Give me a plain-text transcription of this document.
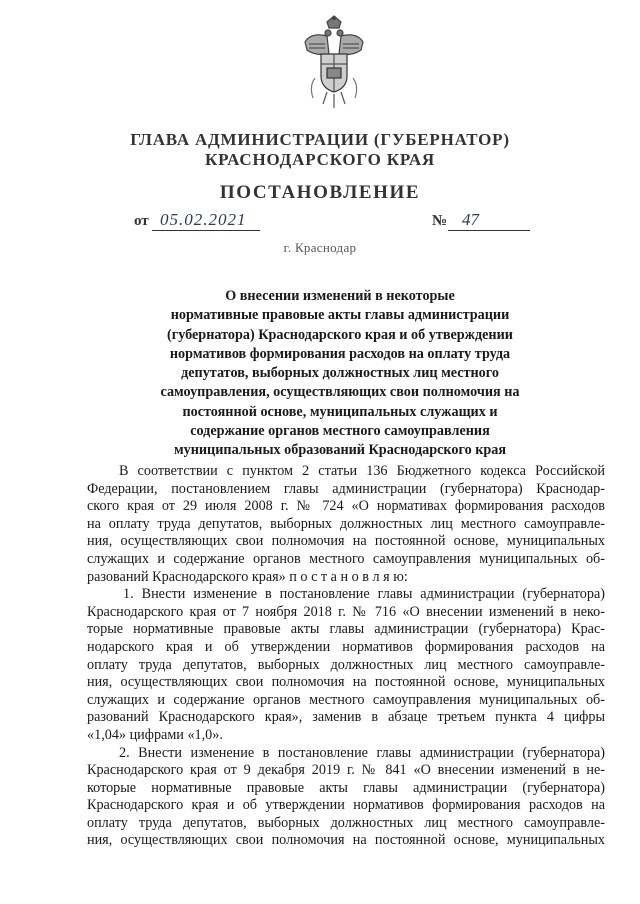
ГЛАВА АДМИНИСТРАЦИИ (ГУБЕРНАТОР)
КРАСНОДАРСКОГО КРАЯ
ПОСТАНОВЛЕНИЕ
от 05.02.2021	№ 47
г. Краснодар
О внесении изменений в некоторые
нормативные правовые акты главы администрации
(губернатора) Краснодарского края и об утверждении
нормативов формирования расходов на оплату труда
депутатов, выборных должностных лиц местного
самоуправления, осуществляющих свои полномочия на
постоянной основе, муниципальных служащих и
содержание органов местного самоуправления
муниципальных образований Краснодарского края
В соответствии с пунктом 2 статьи 136 Бюджетного кодекса Российской
Федерации, постановлением главы администрации (губернатора) Краснодар-
ского края от 29 июля 2008 г. № 724 «О нормативах формирования расходов
на оплату труда депутатов, выборных должностных лиц местного самоуправле-
ния, осуществляющих свои полномочия на постоянной основе, муниципальных
служащих и содержание органов местного самоуправления муниципальных об-
разований Краснодарского края» п о с т а н о в л я ю:
1. Внести изменение в постановление главы администрации (губернатора)
Краснодарского края от 7 ноября 2018 г. № 716 «О внесении изменений в неко-
торые нормативные правовые акты главы администрации (губернатора) Крас-
нодарского края и об утверждении нормативов формирования расходов на
оплату труда депутатов, выборных должностных лиц местного самоуправле-
ния, осуществляющих свои полномочия на постоянной основе, муниципальных
служащих и содержание органов местного самоуправления муниципальных об-
разований Краснодарского края», заменив в абзаце третьем пункта 4 цифры
«1,04» цифрами «1,0».
2. Внести изменение в постановление главы администрации (губернатора)
Краснодарского края от 9 декабря 2019 г. № 841 «О внесении изменений в не-
которые нормативные правовые акты главы администрации (губернатора)
Краснодарского края и об утверждении нормативов формирования расходов на
оплату труда депутатов, выборных должностных лиц местного самоуправле-
ния, осуществляющих свои полномочия на постоянной основе, муниципальных
